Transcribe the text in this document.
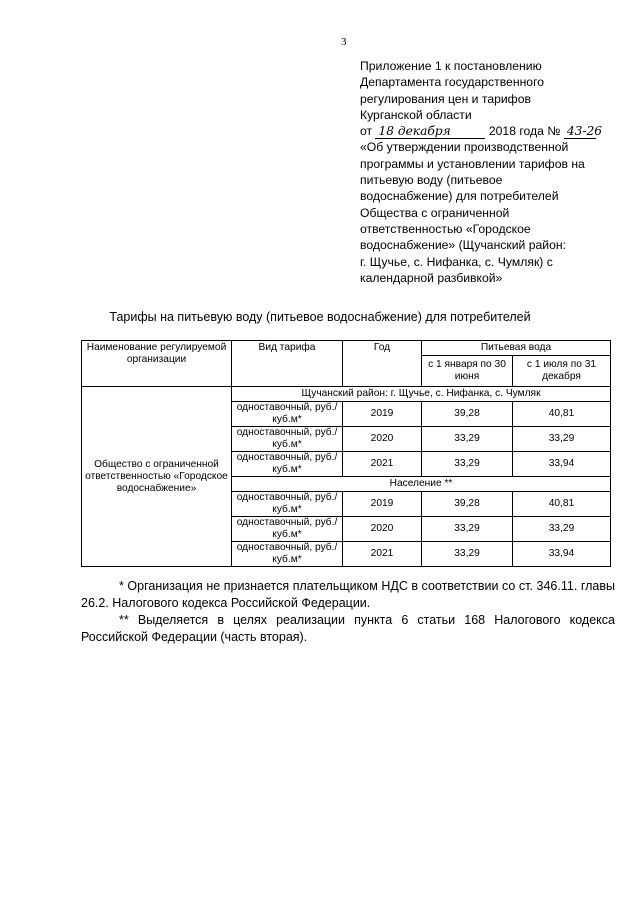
3
Приложение 1 к постановлению
Департамента государственного
регулирования цен и тарифов
Курганской области
от 18 декабря	2018 года № 43-26
«Об утверждении производственной
программы и установлении тарифов на
питьевую воду (питьевое
водоснабжение) для потребителей
Общества с ограниченной
ответственностью «Городское
водоснабжение» (Щучанский район:
г. Щучье, с. Нифанка, с. Чумляк) с
календарной разбивкой»
Тарифы на питьевую воду (питьевое водоснабжение) для потребителей
Наименование регулируемой организации	Вид тарифа	Год	Питьевая вода	
			с 1 января по 30 июня	с 1 июля по 31 декабря
Общество с ограниченной ответственностью «Городское водоснабжение»	Щучанский район: г. Щучье, с. Нифанка, с. Чумляк			
	одноставочный, руб./куб.м*	2019	39,28	40,81
	одноставочный, руб./куб.м*	2020	33,29	33,29
	одноставочный, руб./куб.м*	2021	33,29	33,94
	Население **			
	одноставочный, руб./куб.м*	2019	39,28	40,81
	одноставочный, руб./куб.м*	2020	33,29	33,29
	одноставочный, руб./куб.м*	2021	33,29	33,94

* Организация не признается плательщиком НДС в соответствии со ст. 346.11. главы 26.2. Налогового кодекса Российской Федерации.

** Выделяется в целях реализации пункта 6 статьи 168 Налогового кодекса Российской Федерации (часть вторая).
